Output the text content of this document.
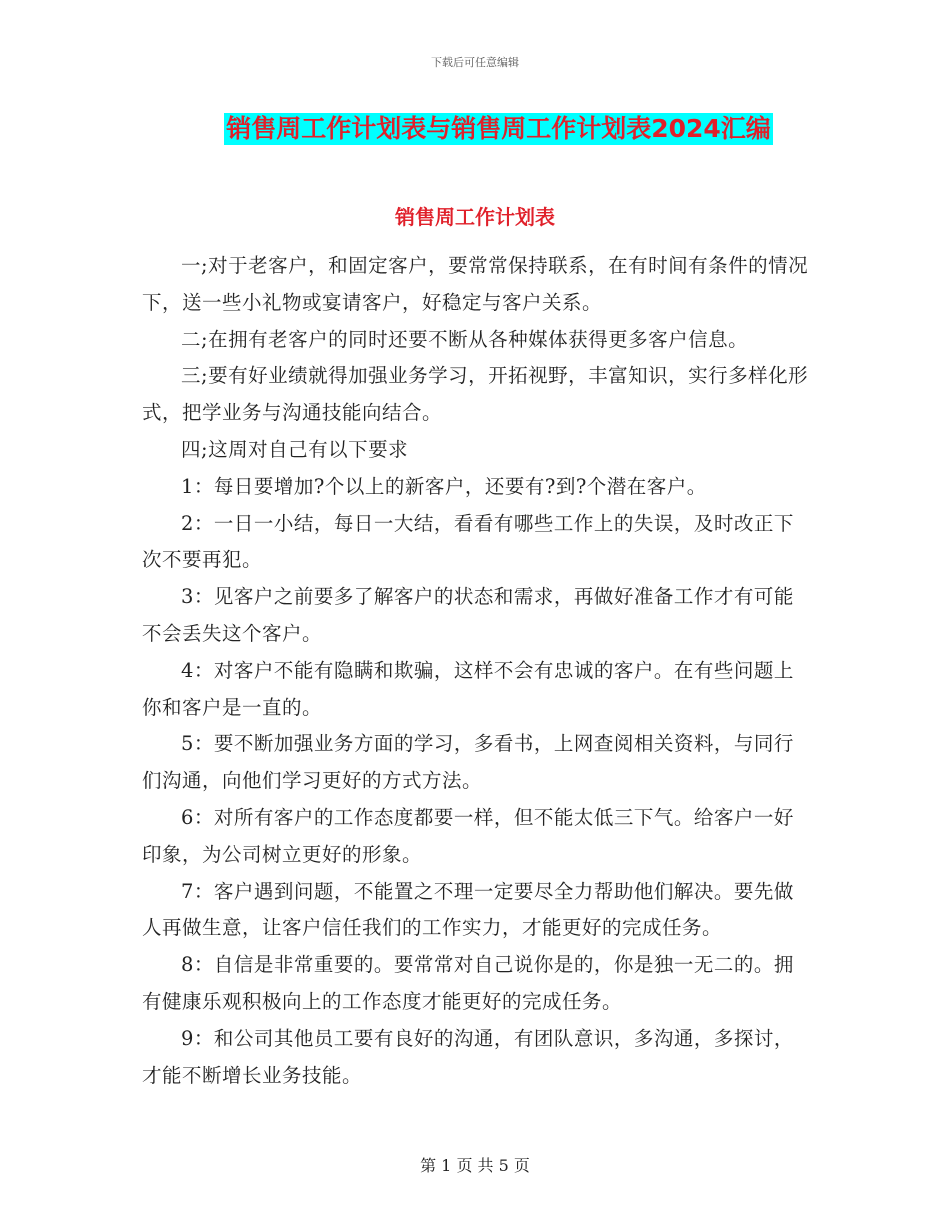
下载后可任意编辑
销售周工作计划表与销售周工作计划表2024汇编
销售周工作计划表

一;对于老客户，和固定客户，要常常保持联系，在有时间有条件的情况下，送一些小礼物或宴请客户，好稳定与客户关系。

二;在拥有老客户的同时还要不断从各种媒体获得更多客户信息。

三;要有好业绩就得加强业务学习，开拓视野，丰富知识，实行多样化形式，把学业务与沟通技能向结合。

四;这周对自己有以下要求

1：每日要增加?个以上的新客户，还要有?到?个潜在客户。

2：一日一小结，每日一大结，看看有哪些工作上的失误，及时改正下次不要再犯。

3：见客户之前要多了解客户的状态和需求，再做好准备工作才有可能不会丢失这个客户。

4：对客户不能有隐瞒和欺骗，这样不会有忠诚的客户。在有些问题上你和客户是一直的。

5：要不断加强业务方面的学习，多看书，上网查阅相关资料，与同行们沟通，向他们学习更好的方式方法。

6：对所有客户的工作态度都要一样，但不能太低三下气。给客户一好印象，为公司树立更好的形象。

7：客户遇到问题，不能置之不理一定要尽全力帮助他们解决。要先做人再做生意，让客户信任我们的工作实力，才能更好的完成任务。

8：自信是非常重要的。要常常对自己说你是的，你是独一无二的。拥有健康乐观积极向上的工作态度才能更好的完成任务。

9：和公司其他员工要有良好的沟通，有团队意识，多沟通，多探讨，才能不断增长业务技能。

第 1 页 共 5 页
